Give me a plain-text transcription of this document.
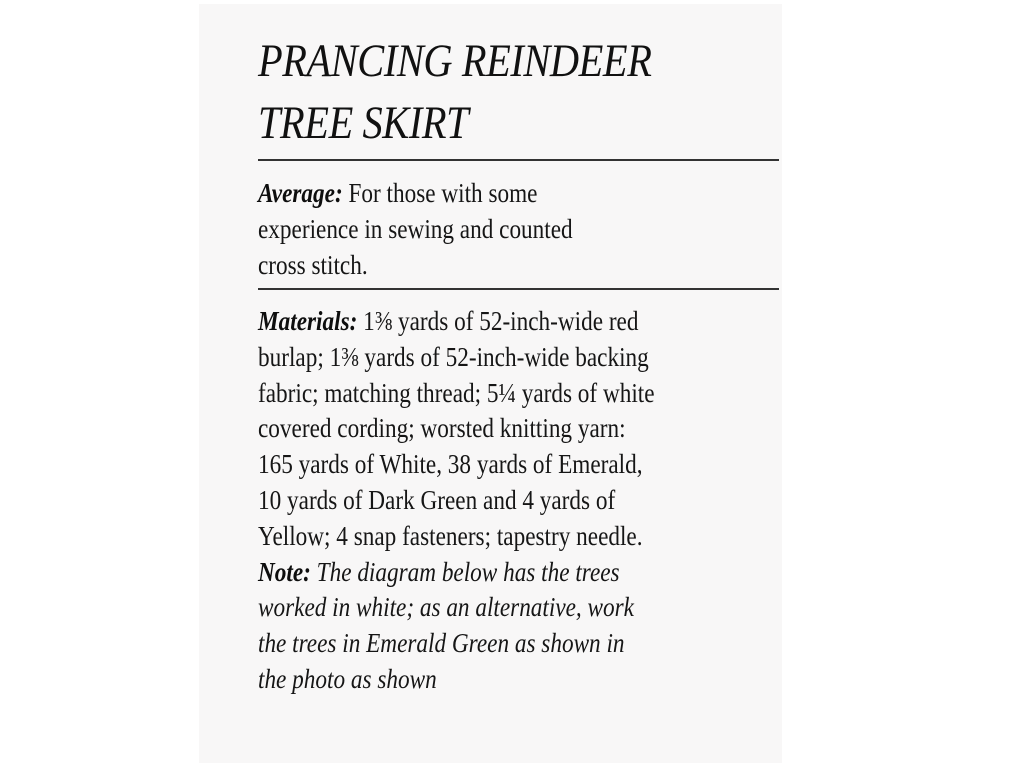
PRANCING REINDEER
TREE SKIRT
Average: For those with some
experience in sewing and counted
cross stitch.
Materials: 1⅜ yards of 52-inch-wide red
burlap; 1⅜ yards of 52-inch-wide backing
fabric; matching thread; 5¼ yards of white
covered cording; worsted knitting yarn:
165 yards of White, 38 yards of Emerald,
10 yards of Dark Green and 4 yards of
Yellow; 4 snap fasteners; tapestry needle.
Note: The diagram below has the trees
worked in white; as an alternative, work
the trees in Emerald Green as shown in
the photo as shown
